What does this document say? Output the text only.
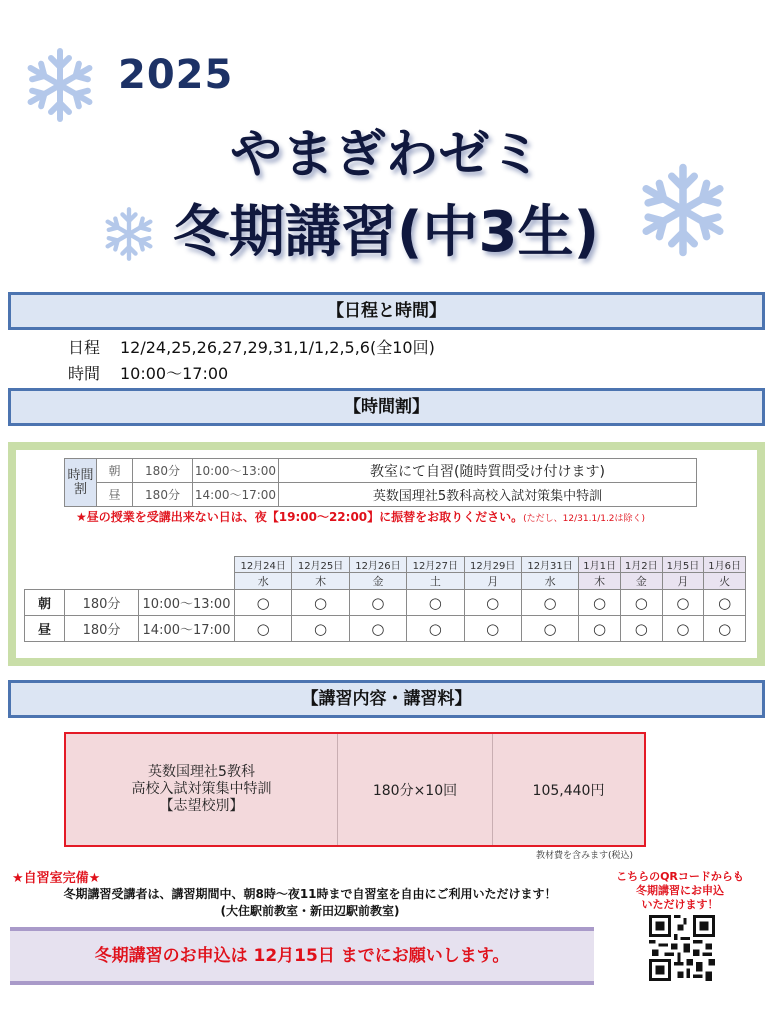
2025
やまぎわゼミ
冬期講習(中3生)
【日程と時間】
日程 12/24,25,26,27,29,31,1/1,2,5,6(全10回)
時間 10:00〜17:00
【時間割】
時間割	朝	180分	10:00〜13:00	教室にて自習(随時質問受け付けます)
	昼	180分	14:00〜17:00	英数国理社5教科高校入試対策集中特訓
★昼の授業を受講出来ない日は、夜【19:00〜22:00】に振替をお取りください。(ただし、12/31.1/1.2は除く)
			12月24日	12月25日	12月26日	12月27日	12月29日	12月31日	1月1日	1月2日	1月5日	1月6日
			水	木	金	土	月	水	木	金	月	火
朝	180分	10:00〜13:00	○	○	○	○	○	○	○	○	○	○
昼	180分	14:00〜17:00	○	○	○	○	○	○	○	○	○	○
【講習内容・講習料】
英数国理社5教科
高校入試対策集中特訓
【志望校別】
180分×10回	105,440円
教材費を含みます(税込)
★自習室完備★
冬期講習受講者は、講習期間中、朝8時〜夜11時まで自習室を自由にご利用いただけます！
(大住駅前教室・新田辺駅前教室)
冬期講習のお申込は 12月15日 までにお願いします。
こちらのQRコードからも
冬期講習にお申込
いただけます！
